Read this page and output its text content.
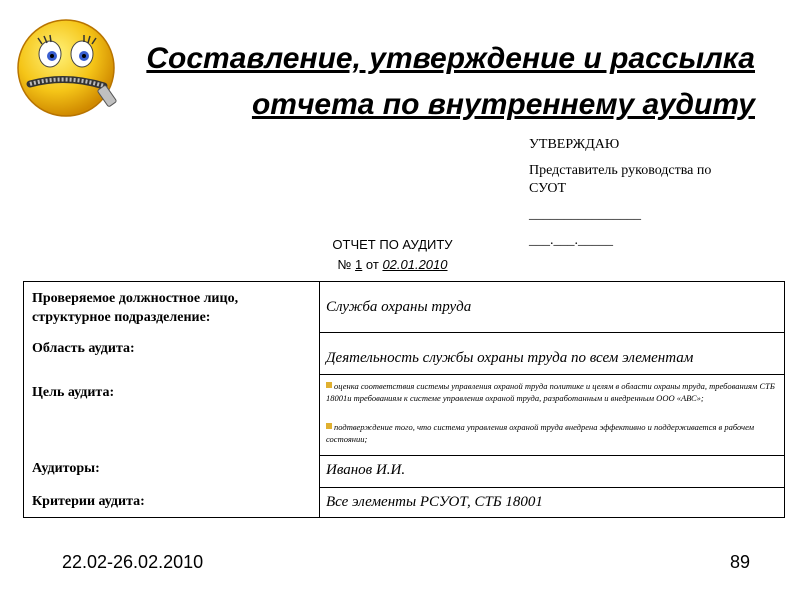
Составление, утверждение и рассылка
отчета по внутреннему аудиту
УТВЕРЖДАЮ
Представитель руководства по
СУОТ
________________
___.___._____
ОТЧЕТ ПО АУДИТУ
№ 1 от 02.01.2010
Проверяемое должностное лицо,
структурное подразделение:
Служба охраны труда
Область аудита:
Деятельность службы охраны труда по всем элементам
Цель аудита:	оценка соответствия системы управления охраной труда политике и целям в области охраны труда, требованиям СТБ 18001и требованиям к системе управления охраной труда, разработанным и внедренным ООО «АВС»;
подтверждение того, что система управления охраной труда внедрена эффективно и поддерживается в рабочем состоянии;
Аудиторы:	Иванов И.И.
Критерии аудита:	Все элементы РСУОТ, СТБ 18001
22.02-26.02.2010	89
